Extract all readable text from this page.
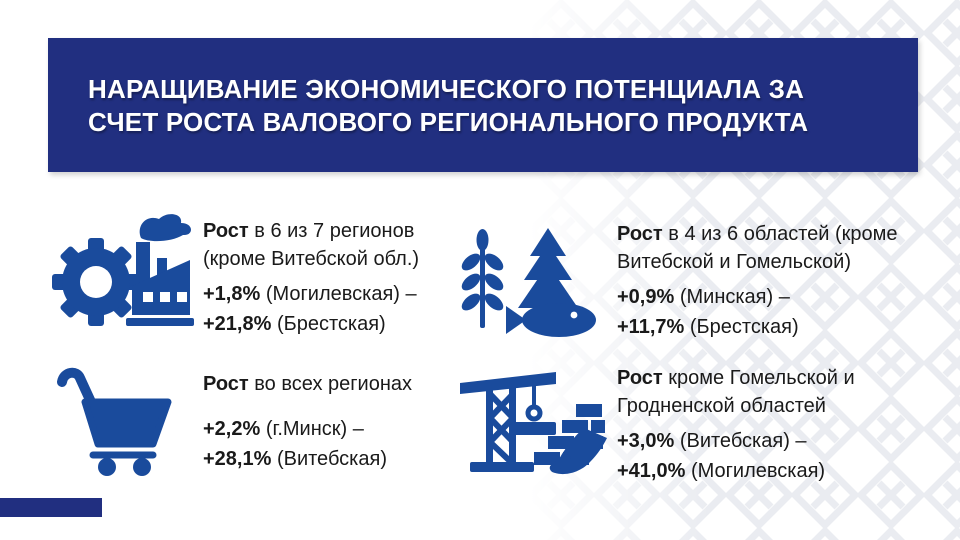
НАРАЩИВАНИЕ ЭКОНОМИЧЕСКОГО ПОТЕНЦИАЛА ЗА
СЧЕТ РОСТА ВАЛОВОГО РЕГИОНАЛЬНОГО ПРОДУКТА
Рост в 6 из 7 регионов
(кроме Витебской обл.)
+1,8% (Могилевская) –
+21,8% (Брестская)
Рост в 4 из 6 областей (кроме
Витебской и Гомельской)
+0,9% (Минская) –
+11,7% (Брестская)
Рост во всех регионах
+2,2% (г.Минск) –
+28,1% (Витебская)
Рост кроме Гомельской и
Гродненской областей
+3,0% (Витебская) –
+41,0% (Могилевская)
